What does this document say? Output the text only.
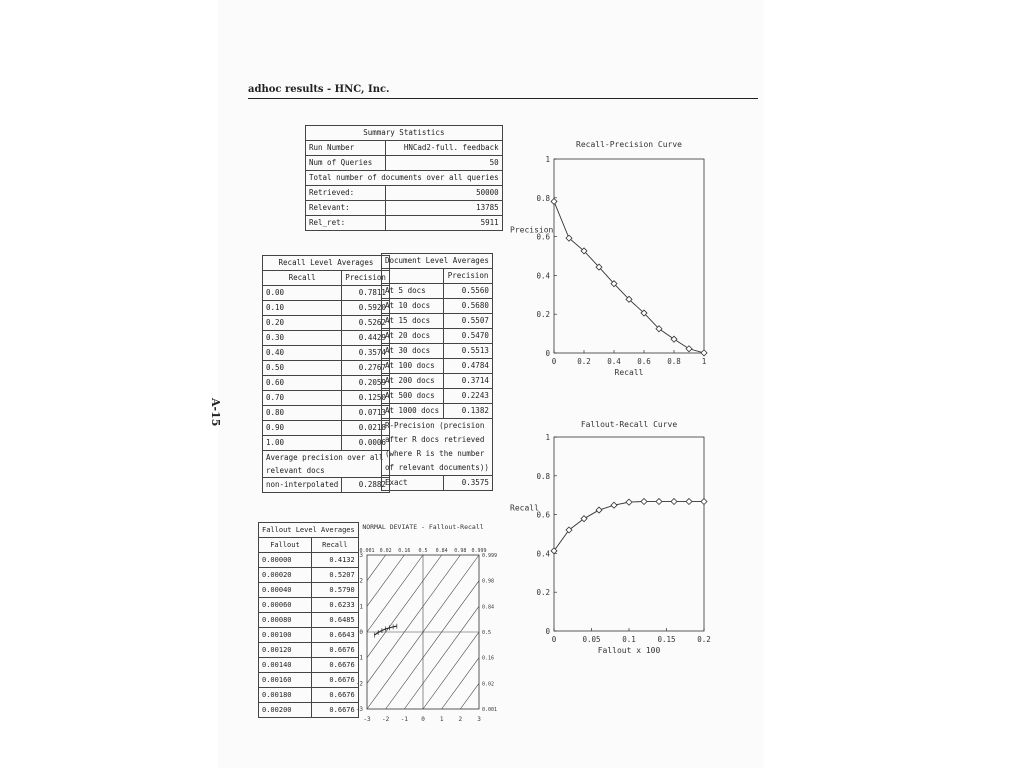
adhoc results - HNC, Inc.
A-15
Summary Statistics	
Run Number	HNCad2-full. feedback
Num of Queries	50
Total number of documents over all queries	
Retrieved:	50000
Relevant:	13785
Rel_ret:	5911
Recall Level Averages	
Recall	Precision
0.00	0.7811
0.10	0.5920
0.20	0.5262
0.30	0.4429
0.40	0.3574
0.50	0.2767
0.60	0.2059
0.70	0.1250
0.80	0.0713
0.90	0.0218
1.00	0.0006
Average precision over all relevant docs	
non-interpolated	0.2882
Document Level Averages	
	Precision
At 5 docs	0.5560
At 10 docs	0.5680
At 15 docs	0.5507
At 20 docs	0.5470
At 30 docs	0.5513
At 100 docs	0.4784
At 200 docs	0.3714
At 500 docs	0.2243
At 1000 docs	0.1382
R-Precision (precision after R docs retrieved (where R is the number of relevant documents))	
Exact	0.3575
Fallout Level Averages	
Fallout	Recall
0.00000	0.4132
0.00020	0.5207
0.00040	0.5790
0.00060	0.6233
0.00080	0.6485
0.00100	0.6643
0.00120	0.6676
0.00140	0.6676
0.00160	0.6676
0.00180	0.6676
0.00200	0.6676
Recall-Precision Curve
0	0.2 0.4 0.6 0.8	1
0
0.2
0.4
0.6
0.8
1
Recall
Precision
Fallout-Recall Curve
0	0.05	0.1	0.15	0.2
0
0.2
0.4
0.6
0.8
1
Fallout x 100
Recall
NORMAL DEVIATE - Fallout-Recall
-3 -2 -1 0	1	2	3
-3
-2
-1
0
1
2
3
0.001 0.02 0.16 0.5 0.84 0.98 0.999
0.999
0.98
0.84
0.5
0.16
0.02
0.001
